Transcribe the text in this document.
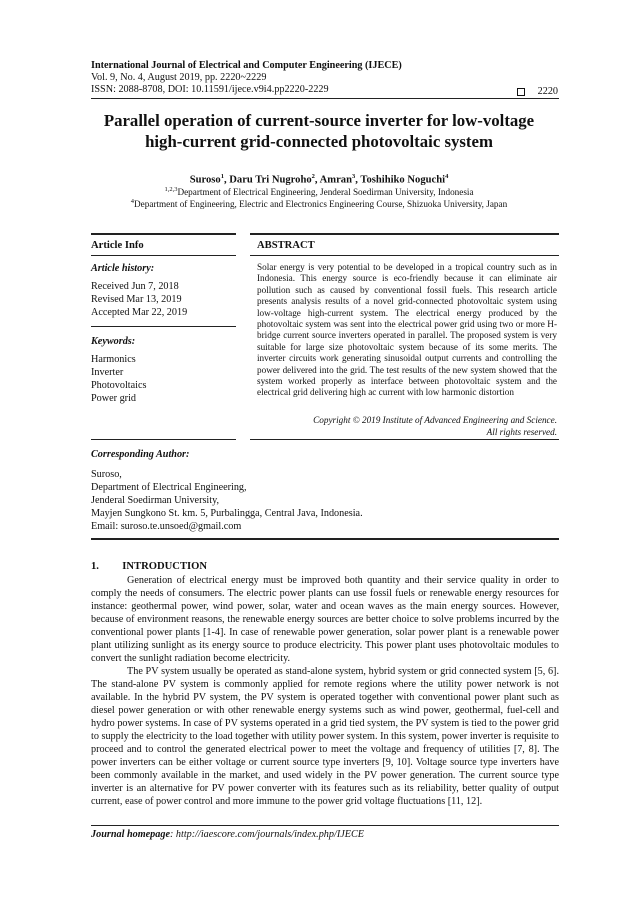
International Journal of Electrical and Computer Engineering (IJECE)
Vol. 9, No. 4, August 2019, pp. 2220~2229
ISSN: 2088-8708, DOI: 10.11591/ijece.v9i4.pp2220-2229	2220
Parallel operation of current-source inverter for low-voltage
high-current grid-connected photovoltaic system
Suroso$^1$, Daru Tri Nugroho$^2$, Amran$^3$, Toshihiko Noguchi$^4$
$^{1,2,3}$Department of Electrical Engineering, Jenderal Soedirman University, Indonesia
$^4$Department of Engineering, Electric and Electronics Engineering Course, Shizuoka University, Japan
Article Info	ABSTRACT
Article history:
Received Jun 7, 2018
Revised Mar 13, 2019
Accepted Mar 22, 2019
Keywords:
Harmonics
Inverter
Photovoltaics
Power grid
Solar energy is very potential to be developed in a tropical country such as in Indonesia. This energy source is eco-friendly because it can eliminate air pollution such as caused by conventional fossil fuels. This research article presents analysis results of a novel grid-connected photovoltaic system using low-voltage high-current system. The electrical energy produced by the photovoltaic system was sent into the electrical power grid using two or more H-bridge current source inverters operated in parallel. The proposed system is very suitable for large size photovoltaic system because of its some merits. The inverter circuits work generating sinusoidal output currents and controlling the power delivered into the grid. The test results of the new system showed that the system worked properly as interface between photovoltaic system and the electrical grid delivering high ac current with low harmonic distortion
Copyright © 2019 Institute of Advanced Engineering and Science.
All rights reserved.
Corresponding Author:
Suroso,
Department of Electrical Engineering,
Jenderal Soedirman University,
Mayjen Sungkono St. km. 5, Purbalingga, Central Java, Indonesia.
Email: suroso.te.unsoed@gmail.com
1. INTRODUCTION

Generation of electrical energy must be improved both quantity and their service quality in order to comply the needs of consumers. The electric power plants can use fossil fuels or renewable energy resources for instance: geothermal power, wind power, solar, water and ocean waves as the main energy sources. However, because of environment reasons, the renewable energy sources are better choice to solve problems incurred by the conventional power plants [1-4]. In case of renewable power generation, solar power plant is a renewable power plant utilizing sunlight as its energy source to produce electricity. This power plant uses photovoltaic modules to convert the sunlight radiation become electricity.

The PV system usually be operated as stand-alone system, hybrid system or grid connected system [5, 6]. The stand-alone PV system is commonly applied for remote regions where the utility power network is not available. In the hybrid PV system, the PV system is operated together with conventional power plant such as diesel power generation or with other renewable energy systems such as wind power, geothermal, fuel-cell and hydro power systems. In case of PV systems operated in a grid tied system, the PV system is tied to the power grid to supply the electricity to the load together with utility power system. In this system, power inverter is requisite to proceed and to control the generated electrical power to meet the voltage and frequency of utilities [7, 8]. The power inverters can be either voltage or current source type inverters [9, 10]. Voltage source type inverters have been commonly available in the market, and used widely in the PV power generation. The current source type inverter is an alternative for PV power converter with its features such as its reliability, better quality of output current, ease of power control and more immune to the power grid voltage fluctuations [11, 12].

Journal homepage: http://iaescore.com/journals/index.php/IJECE
